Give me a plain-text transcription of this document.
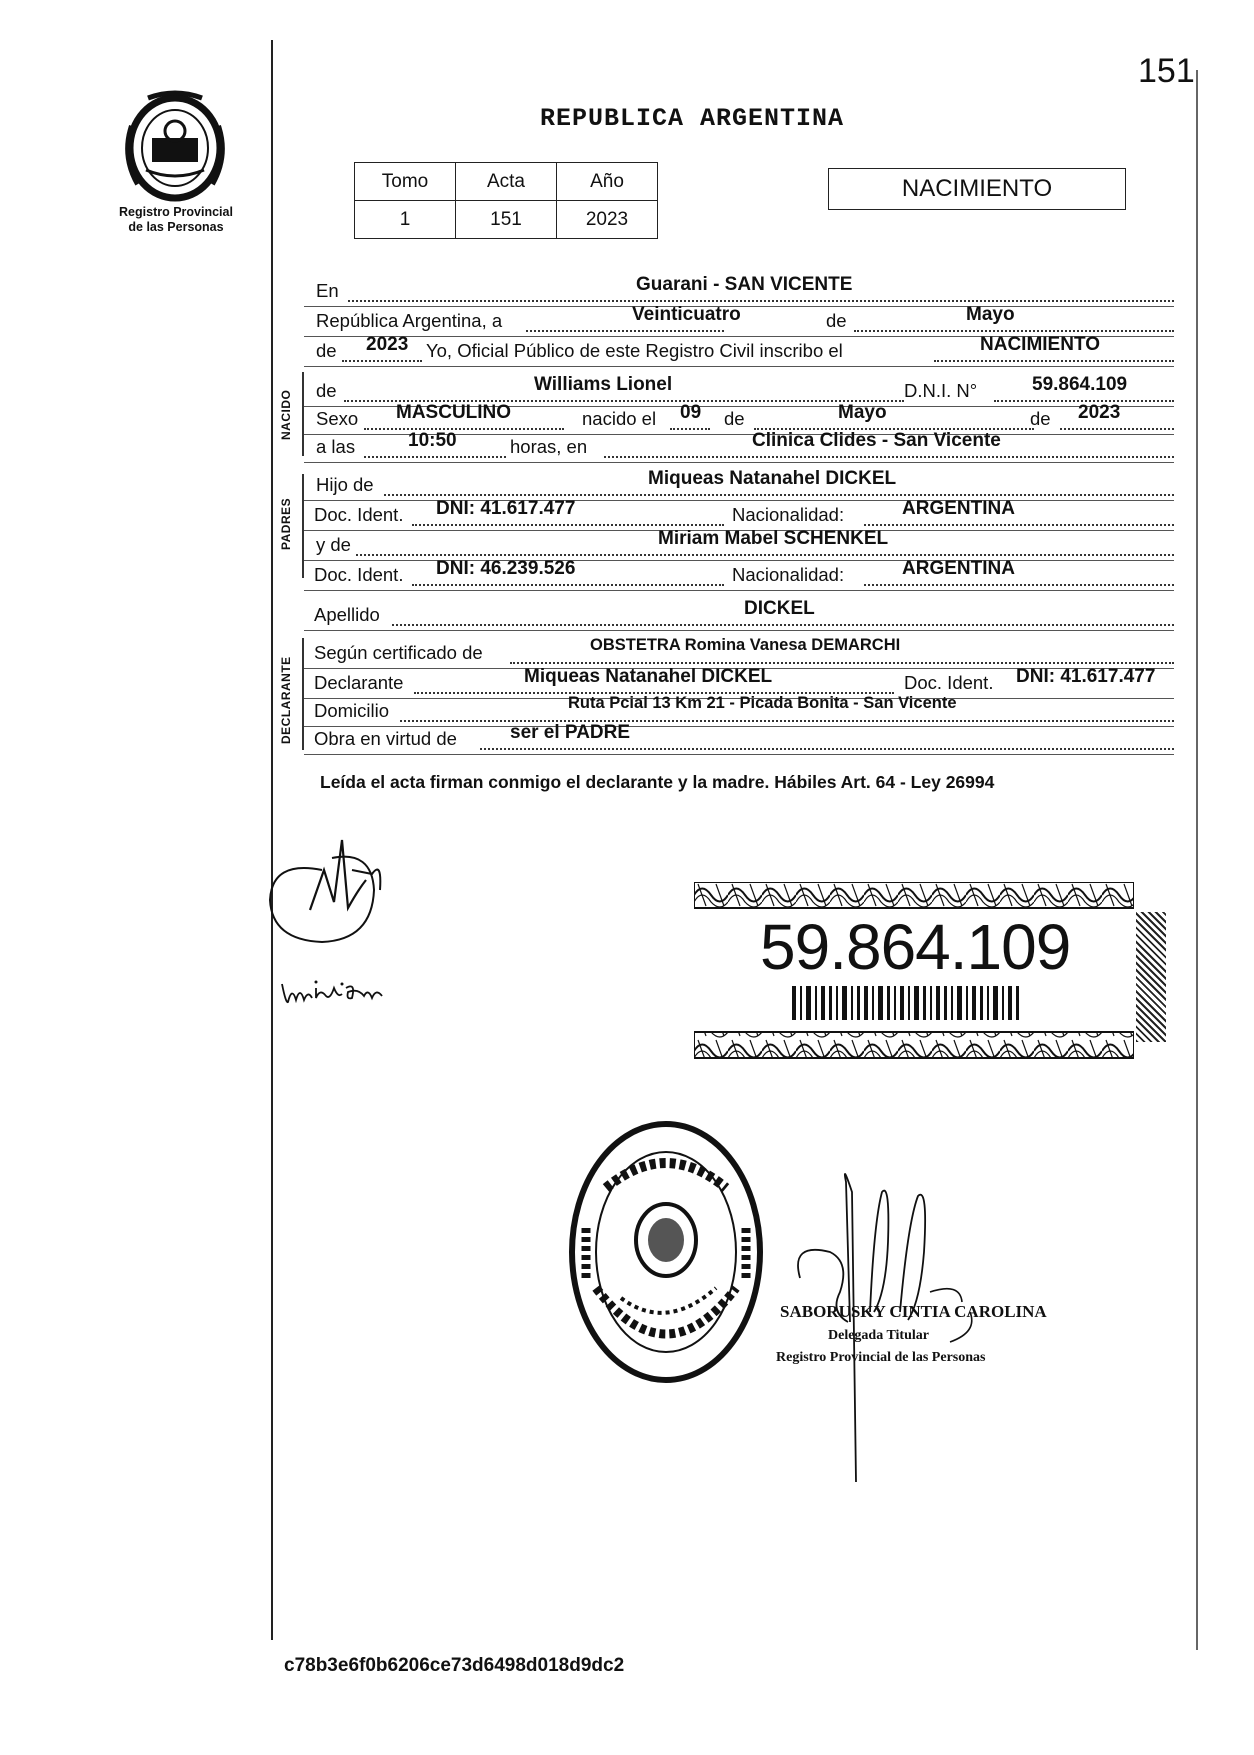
151
Registro Provincial
de las Personas
REPUBLICA ARGENTINA
Tomo	Acta	Año
1	151	2023
NACIMIENTO
NACIDO
PADRES
DECLARANTE
En	Guarani - SAN VICENTE
República Argentina, a	Veinticuatro	de	Mayo
de 2023 Yo, Oficial Público de este Registro Civil inscribo el	NACIMIENTO
de	Williams Lionel	D.N.I. N°	59.864.109
Sexo MASCULINO	nacido el 09 de	Mayo	de 2023
a las	10:50	horas, en	Clinica Clides - San Vicente
Hijo de	Miqueas Natanahel DICKEL
Doc. Ident. DNI: 41.617.477	Nacionalidad:	ARGENTINA
y de	Miriam Mabel SCHENKEL
Doc. Ident. DNI: 46.239.526	Nacionalidad:	ARGENTINA
Apellido	DICKEL
Según certificado de	OBSTETRA Romina Vanesa DEMARCHI
Declarante	Miqueas Natanahel DICKEL	Doc. Ident. DNI: 41.617.477
Domicilio	Ruta Pcial 13 Km 21 - Picada Bonita - San Vicente
Obra en virtud de	ser el PADRE
Leída el acta firman conmigo el declarante y la madre. Hábiles Art. 64 - Ley 26994
59.864.109
SABORUSKY CINTIA CAROLINA
Delegada Titular
Registro Provincial de las Personas
c78b3e6f0b6206ce73d6498d018d9dc2
